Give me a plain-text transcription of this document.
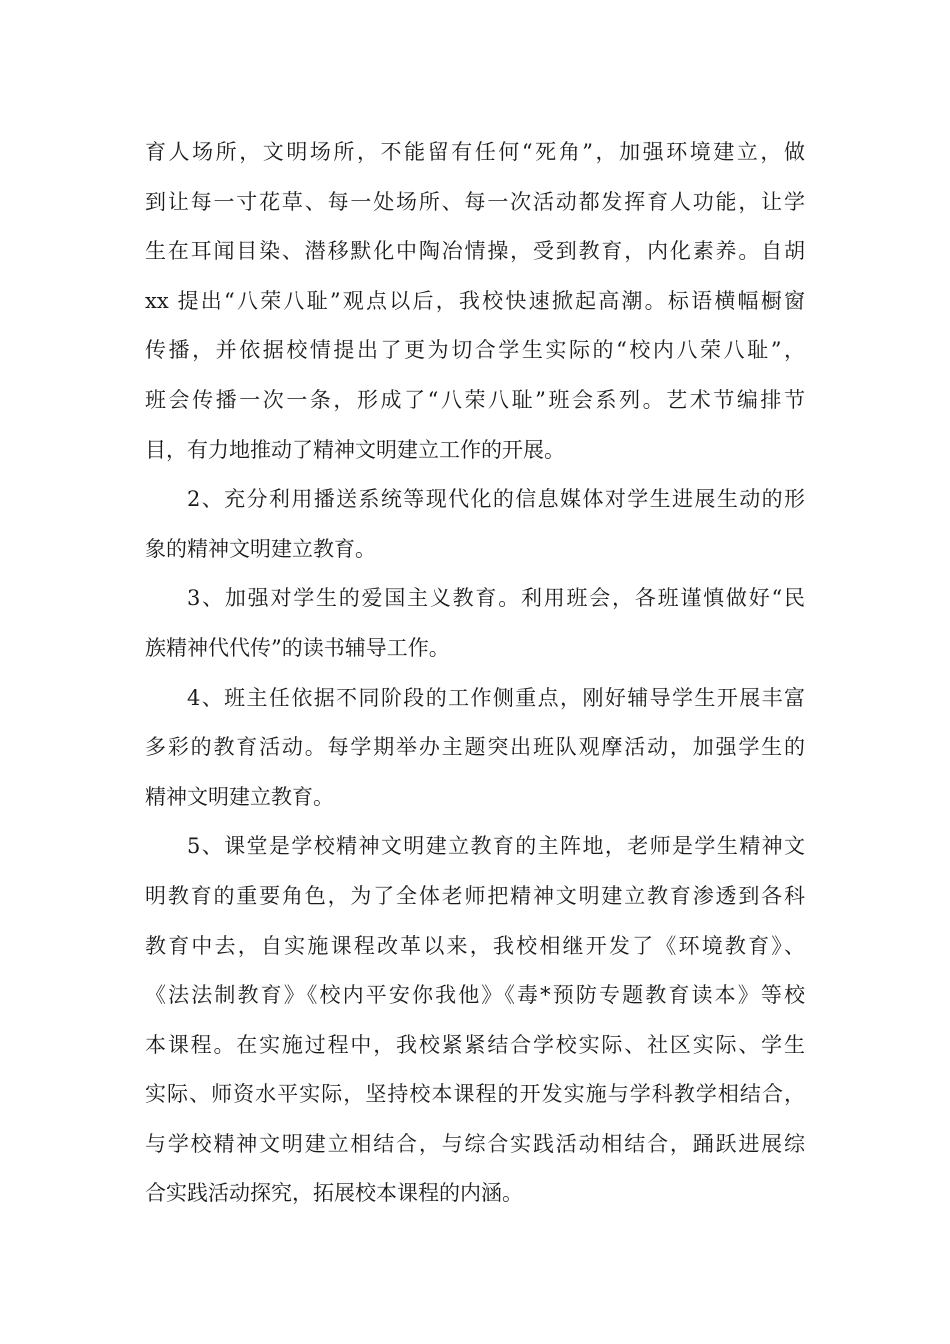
育人场所，文明场所，不能留有任何“死角”，加强环境建立，做
到让每一寸花草、每一处场所、每一次活动都发挥育人功能，让学
生在耳闻目染、潜移默化中陶冶情操，受到教育，内化素养。自胡
xx 提出“八荣八耻”观点以后，我校快速掀起高潮。标语横幅橱窗
传播，并依据校情提出了更为切合学生实际的“校内八荣八耻”，
班会传播一次一条，形成了“八荣八耻”班会系列。艺术节编排节
目，有力地推动了精神文明建立工作的开展。
2、充分利用播送系统等现代化的信息媒体对学生进展生动的形
象的精神文明建立教育。
3、加强对学生的爱国主义教育。利用班会，各班谨慎做好“民
族精神代代传”的读书辅导工作。
4、班主任依据不同阶段的工作侧重点，刚好辅导学生开展丰富
多彩的教育活动。每学期举办主题突出班队观摩活动，加强学生的
精神文明建立教育。
5、课堂是学校精神文明建立教育的主阵地，老师是学生精神文
明教育的重要角色，为了全体老师把精神文明建立教育渗透到各科
教育中去，自实施课程改革以来，我校相继开发了《环境教育》、
《法法制教育》《校内平安你我他》《毒*预防专题教育读本》等校
本课程。在实施过程中，我校紧紧结合学校实际、社区实际、学生
实际、师资水平实际，坚持校本课程的开发实施与学科教学相结合，
与学校精神文明建立相结合，与综合实践活动相结合，踊跃进展综
合实践活动探究，拓展校本课程的内涵。
